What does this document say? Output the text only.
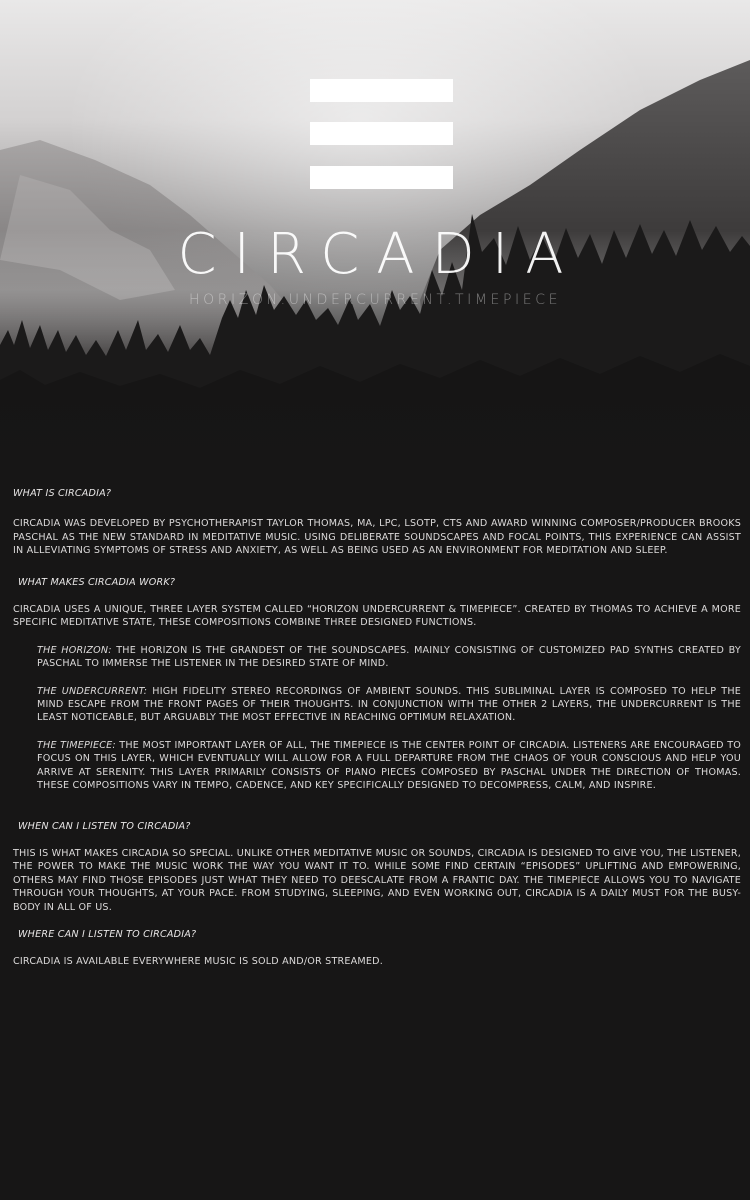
CIRCADIA
HORIZON.UNDERCURRENT.TIMEPIECE

WHAT IS CIRCADIA?

CIRCADIA WAS DEVELOPED BY PSYCHOTHERAPIST TAYLOR THOMAS, MA, LPC, LSOTP, CTS AND AWARD WINNING COMPOSER/PRODUCER BROOKS PASCHAL AS THE NEW STANDARD IN MEDITATIVE MUSIC. USING DELIBERATE SOUNDSCAPES AND FOCAL POINTS, THIS EXPERIENCE CAN ASSIST IN ALLEVIATING SYMPTOMS OF STRESS AND ANXIETY, AS WELL AS BEING USED AS AN ENVIRONMENT FOR MEDITATION AND SLEEP.

WHAT MAKES CIRCADIA WORK?

CIRCADIA USES A UNIQUE, THREE LAYER SYSTEM CALLED “HORIZON UNDERCURRENT & TIMEPIECE”. CREATED BY THOMAS TO ACHIEVE A MORE SPECIFIC MEDITATIVE STATE, THESE COMPOSITIONS COMBINE THREE DESIGNED FUNCTIONS.

THE HORIZON: THE HORIZON IS THE GRANDEST OF THE SOUNDSCAPES. MAINLY CONSISTING OF CUSTOMIZED PAD SYNTHS CREATED BY PASCHAL TO IMMERSE THE LISTENER IN THE DESIRED STATE OF MIND.

THE UNDERCURRENT: HIGH FIDELITY STEREO RECORDINGS OF AMBIENT SOUNDS. THIS SUBLIMINAL LAYER IS COMPOSED TO HELP THE MIND ESCAPE FROM THE FRONT PAGES OF THEIR THOUGHTS. IN CONJUNCTION WITH THE OTHER 2 LAYERS, THE UNDERCURRENT IS THE LEAST NOTICEABLE, BUT ARGUABLY THE MOST EFFECTIVE IN REACHING OPTIMUM RELAXATION.

THE TIMEPIECE: THE MOST IMPORTANT LAYER OF ALL, THE TIMEPIECE IS THE CENTER POINT OF CIRCADIA. LISTENERS ARE ENCOURAGED TO FOCUS ON THIS LAYER, WHICH EVENTUALLY WILL ALLOW FOR A FULL DEPARTURE FROM THE CHAOS OF YOUR CONSCIOUS AND HELP YOU ARRIVE AT SERENITY. THIS LAYER PRIMARILY CONSISTS OF PIANO PIECES COMPOSED BY PASCHAL UNDER THE DIRECTION OF THOMAS. THESE COMPOSITIONS VARY IN TEMPO, CADENCE, AND KEY SPECIFICALLY DESIGNED TO DECOMPRESS, CALM, AND INSPIRE.

WHEN CAN I LISTEN TO CIRCADIA?

THIS IS WHAT MAKES CIRCADIA SO SPECIAL. UNLIKE OTHER MEDITATIVE MUSIC OR SOUNDS, CIRCADIA IS DESIGNED TO GIVE YOU, THE LISTENER, THE POWER TO MAKE THE MUSIC WORK THE WAY YOU WANT IT TO. WHILE SOME FIND CERTAIN “EPISODES” UPLIFTING AND EMPOWERING, OTHERS MAY FIND THOSE EPISODES JUST WHAT THEY NEED TO DEESCALATE FROM A FRANTIC DAY. THE TIMEPIECE ALLOWS YOU TO NAVIGATE THROUGH YOUR THOUGHTS, AT YOUR PACE. FROM STUDYING, SLEEPING, AND EVEN WORKING OUT, CIRCADIA IS A DAILY MUST FOR THE BUSY-BODY IN ALL OF US.

WHERE CAN I LISTEN TO CIRCADIA?

CIRCADIA IS AVAILABLE EVERYWHERE MUSIC IS SOLD AND/OR STREAMED.
